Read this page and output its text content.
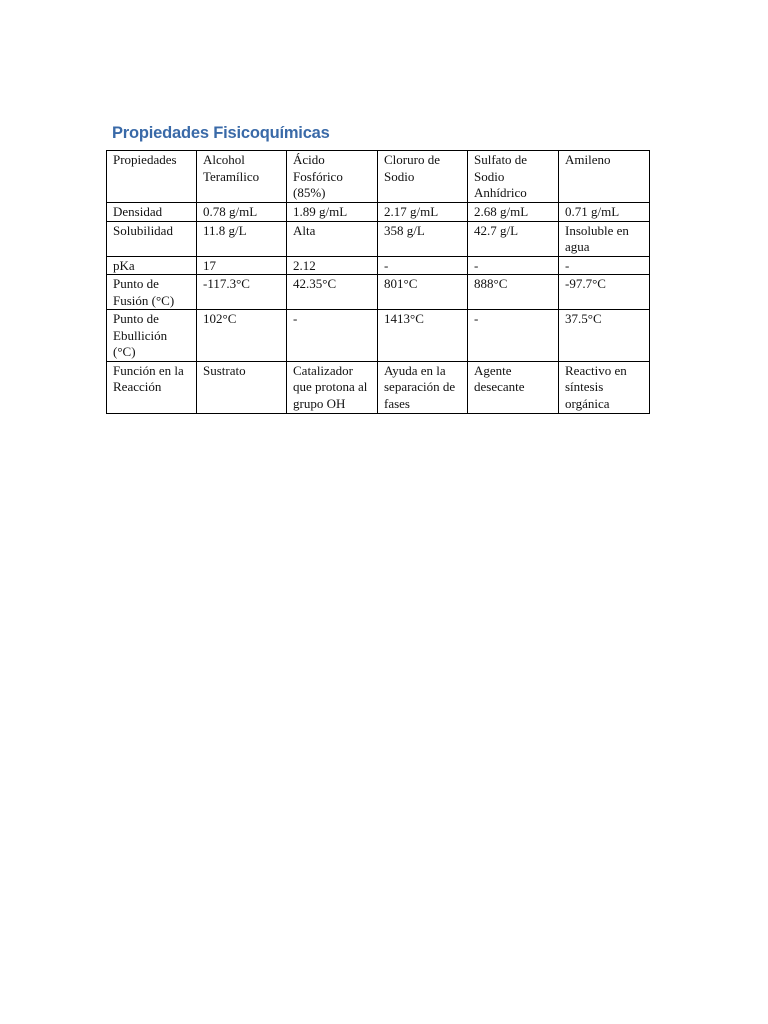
Propiedades Fisicoquímicas
Propiedades	Alcohol Teramílico	Ácido Fosfórico (85%)	Cloruro de Sodio	Sulfato de Sodio Anhídrico	Amileno
Densidad	0.78 g/mL	1.89 g/mL	2.17 g/mL	2.68 g/mL	0.71 g/mL
Solubilidad	11.8 g/L	Alta	358 g/L	42.7 g/L	Insoluble en agua
pKa	17	2.12	-	-	-
Punto de Fusión (°C)	-117.3°C	42.35°C	801°C	888°C	-97.7°C
Punto de Ebullición (°C)	102°C	-	1413°C	-	37.5°C
Función en la Reacción	Sustrato	Catalizador que protona al grupo OH	Ayuda en la separación de fases	Agente desecante	Reactivo en síntesis orgánica
